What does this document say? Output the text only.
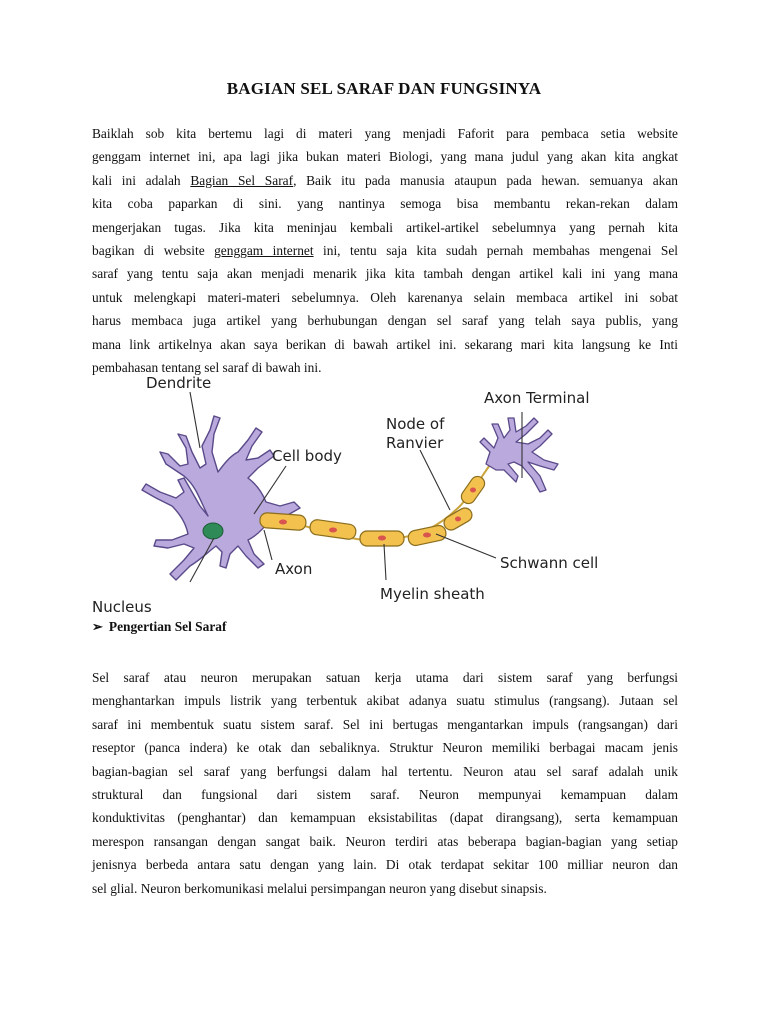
BAGIAN SEL SARAF DAN FUNGSINYA
Baiklah sob kita bertemu lagi di materi yang menjadi Faforit para pembaca setia website
genggam internet ini, apa lagi jika bukan materi Biologi, yang mana judul yang akan kita angkat
kali ini adalah Bagian Sel Saraf, Baik itu pada manusia ataupun pada hewan. semuanya akan
kita coba paparkan di sini. yang nantinya semoga bisa membantu rekan-rekan dalam
mengerjakan tugas. Jika kita meninjau kembali artikel-artikel sebelumnya yang pernah kita
bagikan di website genggam internet ini, tentu saja kita sudah pernah membahas mengenai Sel
saraf yang tentu saja akan menjadi menarik jika kita tambah dengan artikel kali ini yang mana
untuk melengkapi materi-materi sebelumnya. Oleh karenanya selain membaca artikel ini sobat
harus membaca juga artikel yang berhubungan dengan sel saraf yang telah saya publis, yang
mana link artikelnya akan saya berikan di bawah artikel ini. sekarang mari kita langsung ke Inti
pembahasan tentang sel saraf di bawah ini.
Dendrite
Cell body
Nucleus
Axon
Node of
Ranvier
Axon Terminal
Schwann cell
Myelin sheath
➢ Pengertian Sel Saraf
Sel saraf atau neuron merupakan satuan kerja utama dari sistem saraf yang berfungsi
menghantarkan impuls listrik yang terbentuk akibat adanya suatu stimulus (rangsang). Jutaan sel
saraf ini membentuk suatu sistem saraf. Sel ini bertugas mengantarkan impuls (rangsangan) dari
reseptor (panca indera) ke otak dan sebaliknya. Struktur Neuron memiliki berbagai macam jenis
bagian-bagian sel saraf yang berfungsi dalam hal tertentu. Neuron atau sel saraf adalah unik
struktural dan fungsional dari sistem saraf. Neuron mempunyai kemampuan dalam
konduktivitas (penghantar) dan kemampuan eksistabilitas (dapat dirangsang), serta kemampuan
merespon ransangan dengan sangat baik. Neuron terdiri atas beberapa bagian-bagian yang setiap
jenisnya berbeda antara satu dengan yang lain. Di otak terdapat sekitar 100 milliar neuron dan
sel glial. Neuron berkomunikasi melalui persimpangan neuron yang disebut sinapsis.
